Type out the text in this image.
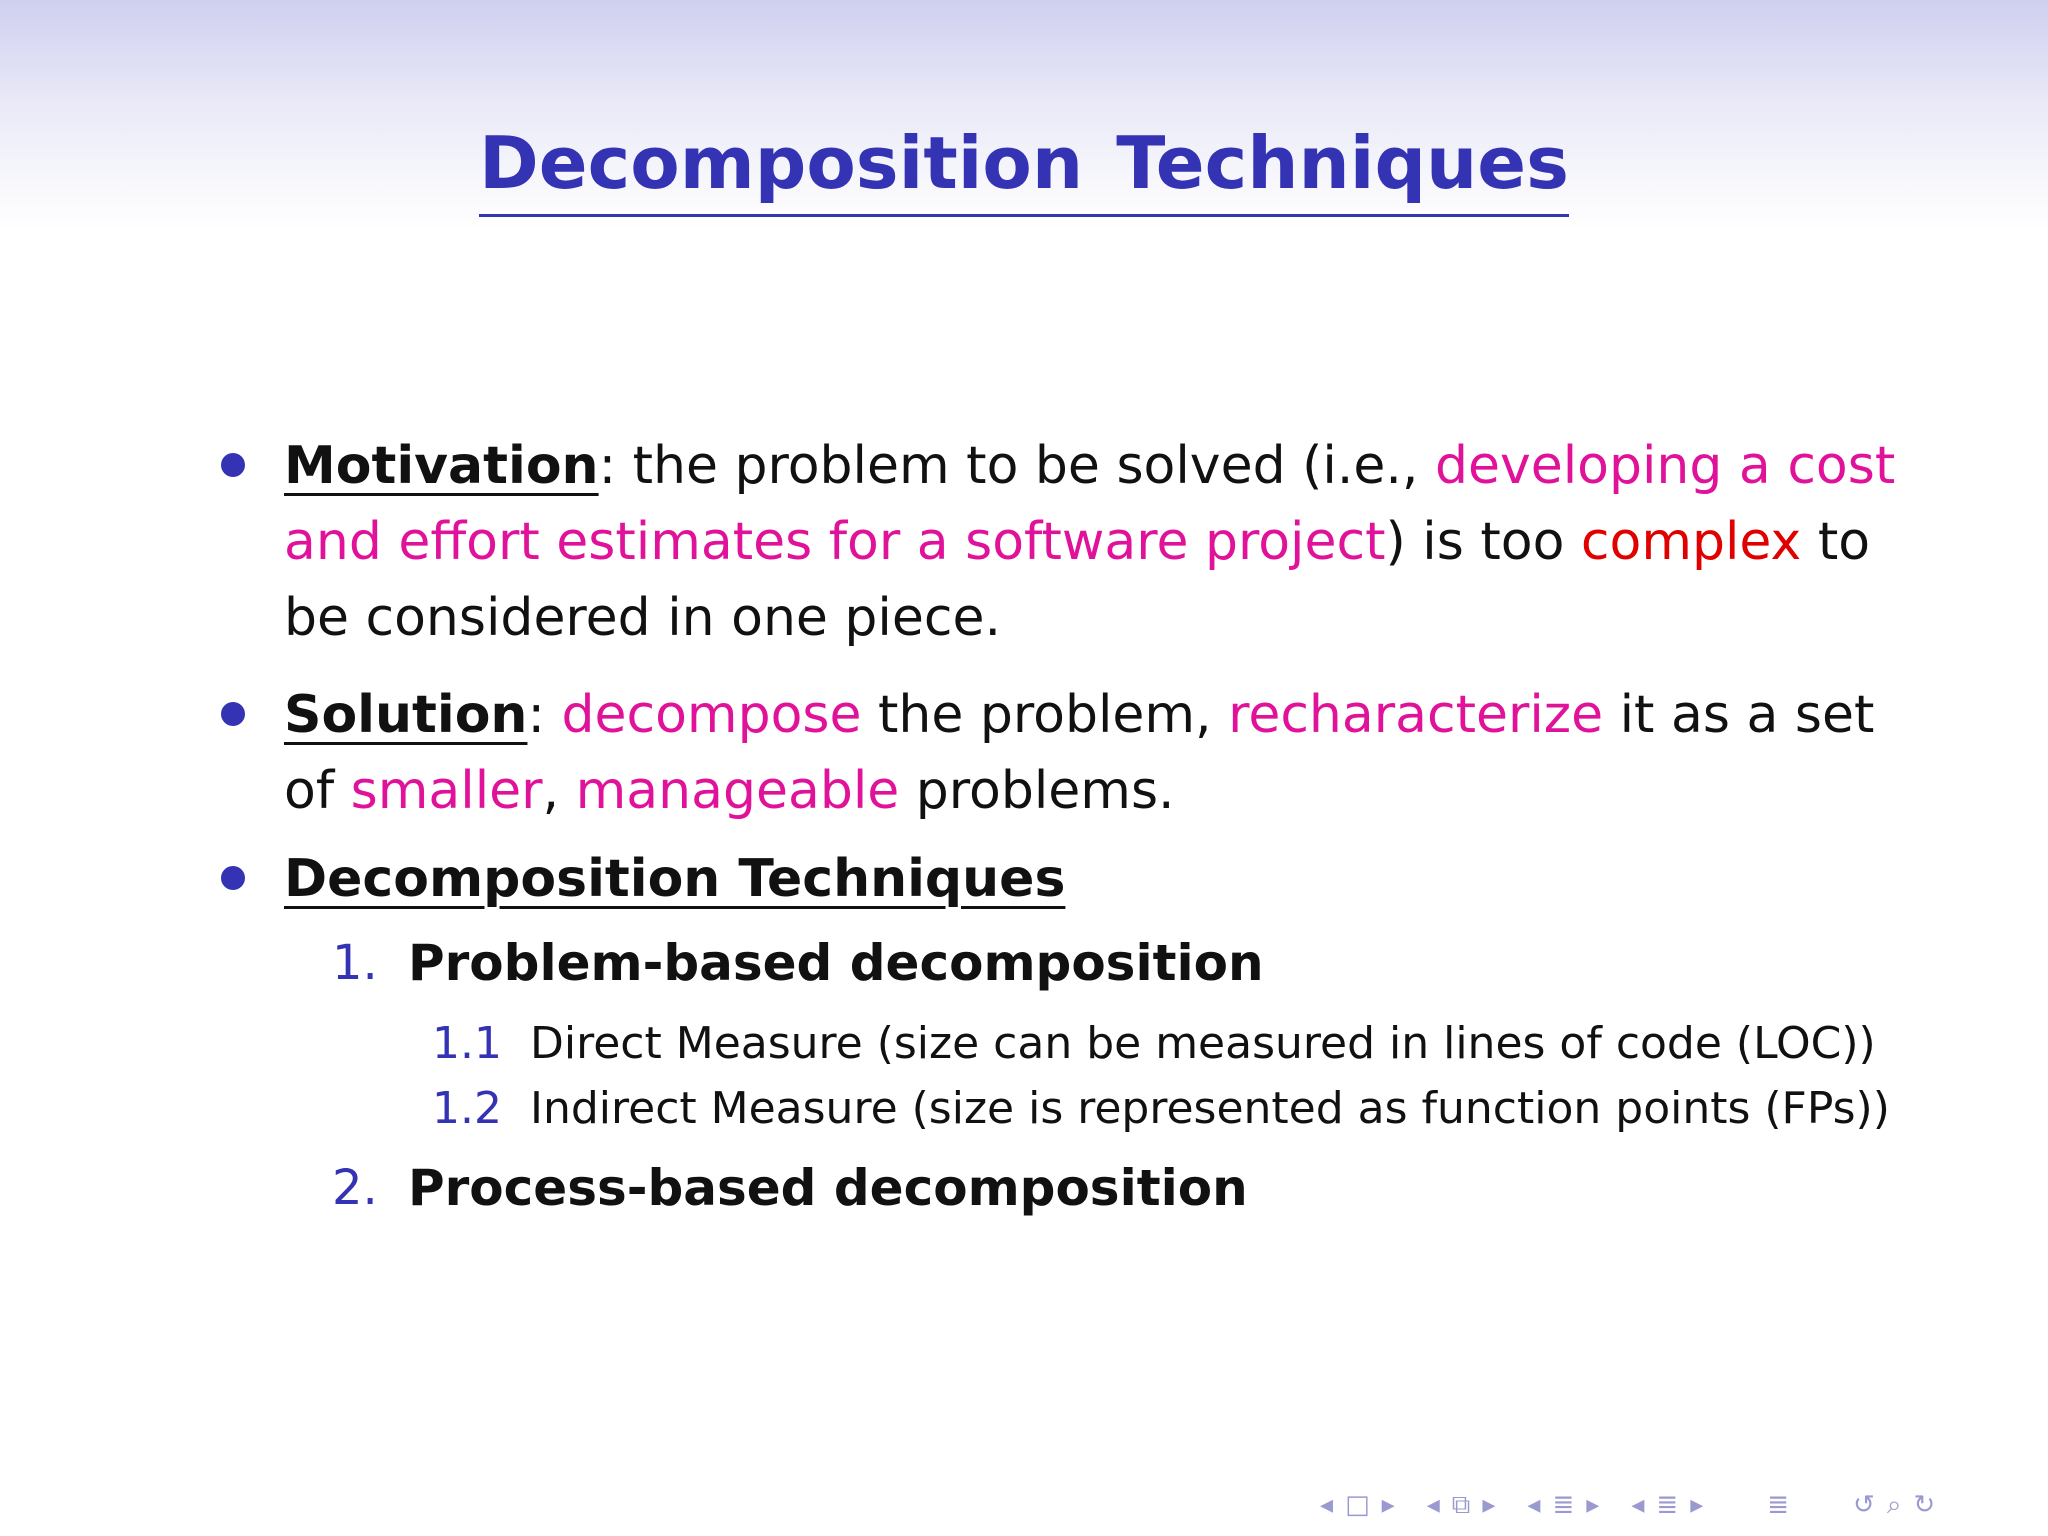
Decomposition Techniques
Motivation: the problem to be solved (i.e., developing a cost and effort estimates for a software project) is too complex to be considered in one piece.
Solution: decompose the problem, recharacterize it as a set of smaller, manageable problems.
Decomposition Techniques
1. Problem-based decomposition
1.1 Direct Measure (size can be measured in lines of code (LOC))
1.2 Indirect Measure (size is represented as function points (FPs))
2. Process-based decomposition
◂ □ ▸ ◂ ⧉ ▸ ◂ ≣ ▸ ◂ ≣ ▸ ≣ ↺ ⌕ ↻
